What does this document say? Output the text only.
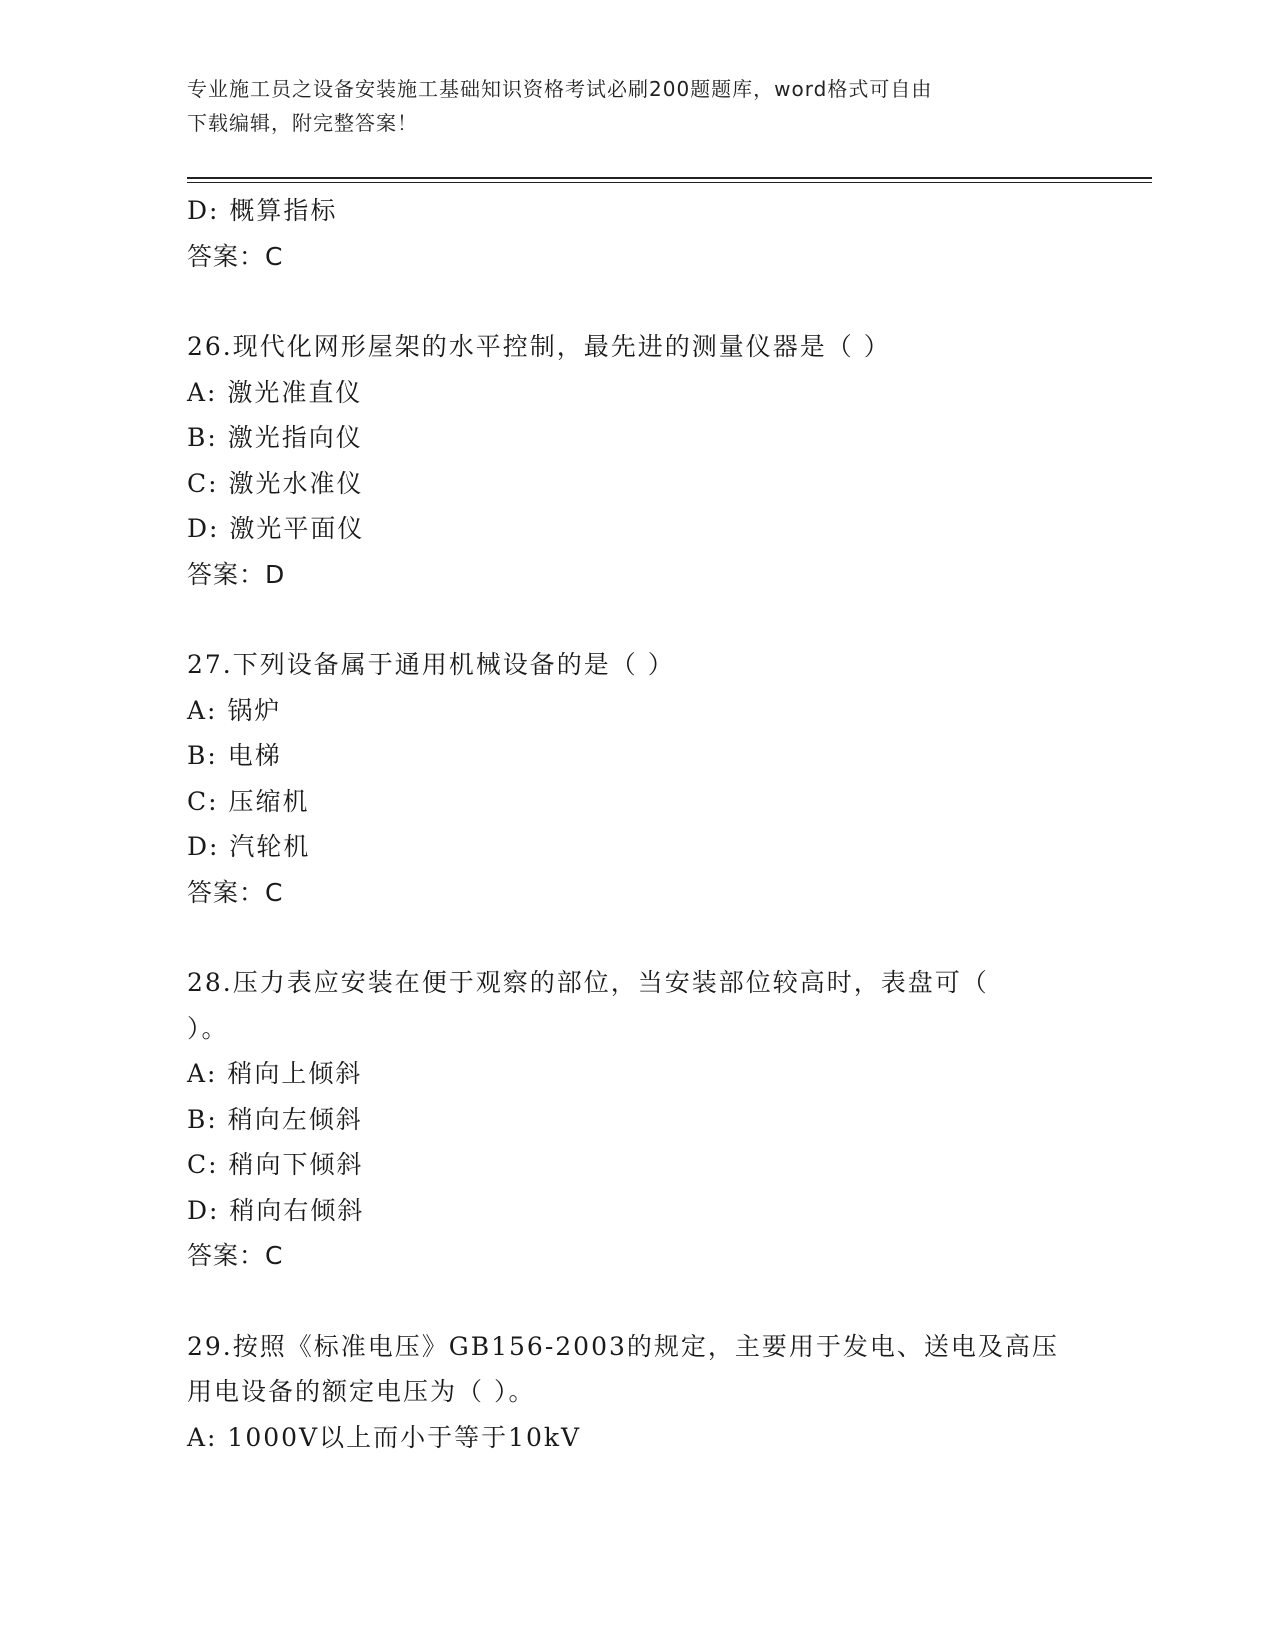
专业施工员之设备安装施工基础知识资格考试必刷200题题库，word格式可自由
下载编辑，附完整答案！
D: 概算指标
答案：C
26.现代化网形屋架的水平控制，最先进的测量仪器是（ ）
A: 激光准直仪
B: 激光指向仪
C: 激光水准仪
D: 激光平面仪
答案：D
27.下列设备属于通用机械设备的是（ ）
A: 锅炉
B: 电梯
C: 压缩机
D: 汽轮机
答案：C
28.压力表应安装在便于观察的部位，当安装部位较高时，表盘可（
）。
A: 稍向上倾斜
B: 稍向左倾斜
C: 稍向下倾斜
D: 稍向右倾斜
答案：C
29.按照《标准电压》GB156-2003的规定，主要用于发电、送电及高压
用电设备的额定电压为（ ）。
A: 1000V以上而小于等于10kV
